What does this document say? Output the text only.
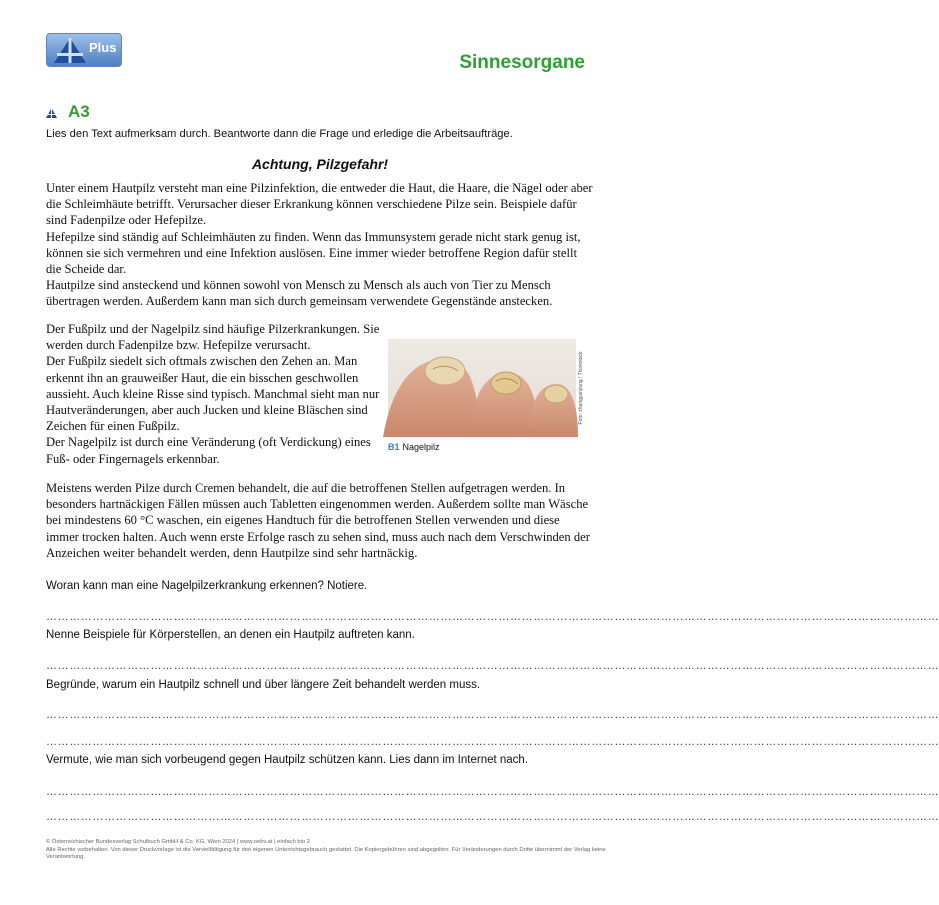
Plus
Sinnesorgane
A3
Lies den Text aufmerksam durch. Beantworte dann die Frage und erledige die Arbeitsaufträge.
Achtung, Pilzgefahr!
Unter einem Hautpilz versteht man eine Pilzinfektion, die entweder die Haut, die Haare, die Nägel oder aber die Schleimhäute betrifft. Verursacher dieser Erkrankung können verschiedene Pilze sein. Beispiele dafür sind Fadenpilze oder Hefepilze.
Hefepilze sind ständig auf Schleimhäuten zu finden. Wenn das Immunsystem gerade nicht stark genug ist, können sie sich vermehren und eine Infektion auslösen. Eine immer wieder betroffene Region dafür stellt die Scheide dar.
Hautpilze sind ansteckend und können sowohl von Mensch zu Mensch als auch von Tier zu Mensch übertragen werden. Außerdem kann man sich durch gemeinsam verwendete Gegenstände anstecken.
Der Fußpilz und der Nagelpilz sind häufige Pilzerkrankungen. Sie werden durch Fadenpilze bzw. Hefepilze verursacht.
Der Fußpilz siedelt sich oftmals zwischen den Zehen an. Man erkennt ihn an grauweißer Haut, die ein bisschen geschwollen aussieht. Auch kleine Risse sind typisch. Manchmal sieht man nur Hautveränderungen, aber auch Jucken und kleine Bläschen sind Zeichen für einen Fußpilz.
Der Nagelpilz ist durch eine Veränderung (oft Verdickung) eines Fuß- oder Fingernagels erkennbar.
Meistens werden Pilze durch Cremen behandelt, die auf die betroffenen Stellen aufgetragen werden. In besonders hartnäckigen Fällen müssen auch Tabletten eingenommen werden. Außerdem sollte man Wäsche bei mindestens 60 °C waschen, ein eigenes Handtuch für die betroffenen Stellen verwenden und diese immer trocken halten. Auch wenn erste Erfolge rasch zu sehen sind, muss auch nach dem Verschwinden der Anzeichen weiter behandelt werden, denn Hautpilze sind sehr hartnäckig.
Foto: zhangyanjiang / Thinkstock
B1 Nagelpilz
Woran kann man eine Nagelpilzerkrankung erkennen? Notiere.
……………………………………………………………………………………………………………………………………………………………………………………………………………
Nenne Beispiele für Körperstellen, an denen ein Hautpilz auftreten kann.
……………………………………………………………………………………………………………………………………………………………………………………………………………
Begründe, warum ein Hautpilz schnell und über längere Zeit behandelt werden muss.
……………………………………………………………………………………………………………………………………………………………………………………………………………
……………………………………………………………………………………………………………………………………………………………………………………………………………
Vermute, wie man sich vorbeugend gegen Hautpilz schützen kann. Lies dann im Internet nach.
……………………………………………………………………………………………………………………………………………………………………………………………………………
……………………………………………………………………………………………………………………………………………………………………………………………………………
© Österreichischer Bundesverlag Schulbuch GmbH & Co. KG, Wien 2024 | www.oebv.at | einfach bio 2
Alle Rechte vorbehalten. Von dieser Druckvorlage ist die Vervielfältigung für den eigenen Unterrichtsgebrauch gestattet. Die Kopiergebühren sind abgegolten. Für Veränderungen durch Dritte übernimmt der Verlag keine Verantwortung.
